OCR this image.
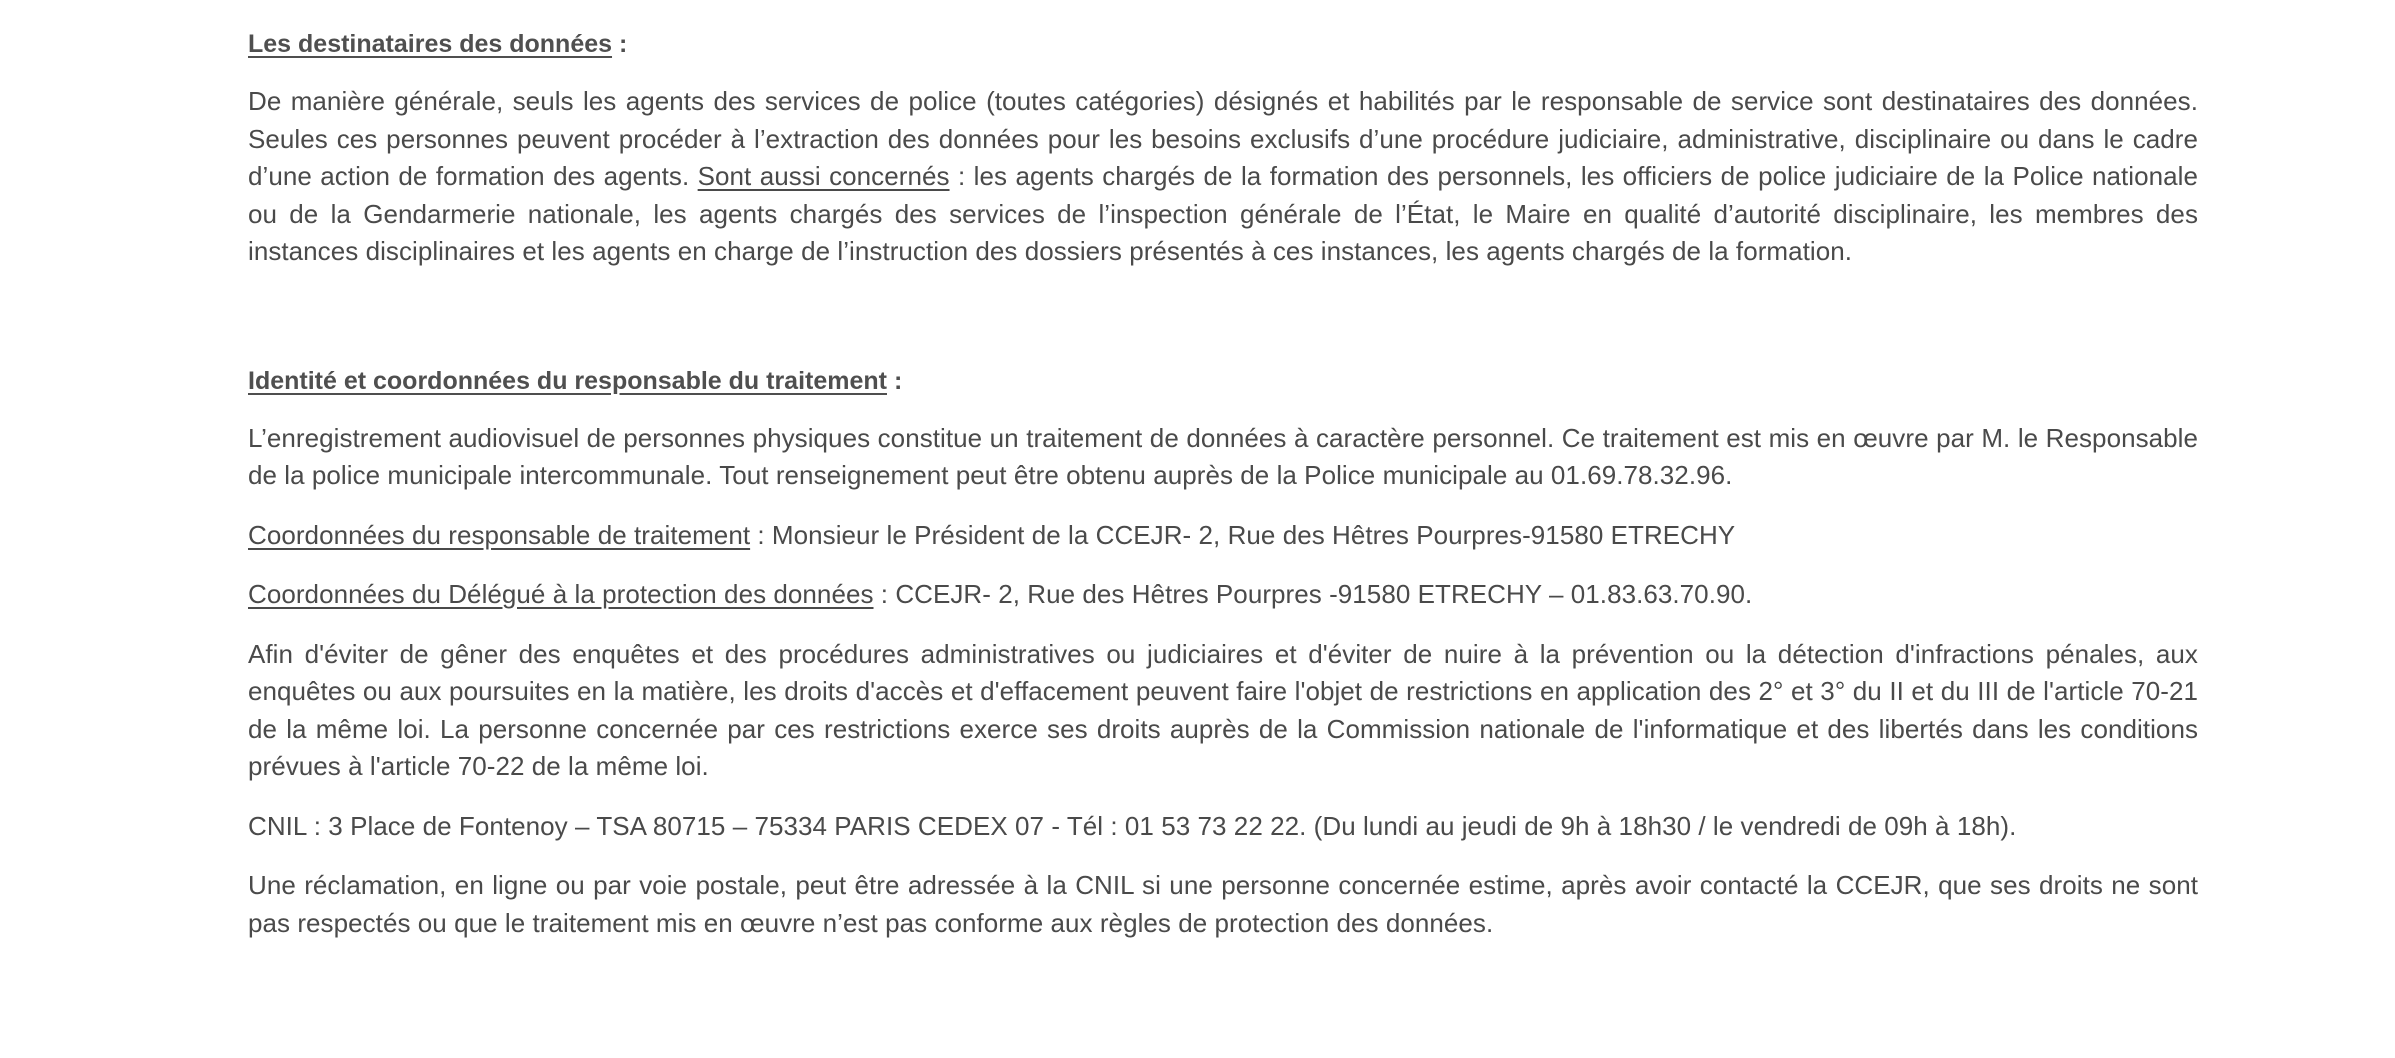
Les destinataires des données :

De manière générale, seuls les agents des services de police (toutes catégories) désignés et habilités par le responsable de service sont destinataires des données. Seules ces personnes peuvent procéder à l’extraction des données pour les besoins exclusifs d’une procédure judiciaire, administrative, disciplinaire ou dans le cadre d’une action de formation des agents. Sont aussi concernés : les agents chargés de la formation des personnels, les officiers de police judiciaire de la Police nationale ou de la Gendarmerie nationale, les agents chargés des services de l’inspection générale de l’État, le Maire en qualité d’autorité disciplinaire, les membres des instances disciplinaires et les agents en charge de l’instruction des dossiers présentés à ces instances, les agents chargés de la formation.

Identité et coordonnées du responsable du traitement :

L’enregistrement audiovisuel de personnes physiques constitue un traitement de données à caractère personnel. Ce traitement est mis en œuvre par M. le Responsable de la police municipale intercommunale. Tout renseignement peut être obtenu auprès de la Police municipale au 01.69.78.32.96.

Coordonnées du responsable de traitement : Monsieur le Président de la CCEJR- 2, Rue des Hêtres Pourpres-91580 ETRECHY

Coordonnées du Délégué à la protection des données : CCEJR- 2, Rue des Hêtres Pourpres -91580 ETRECHY – 01.83.63.70.90.

Afin d'éviter de gêner des enquêtes et des procédures administratives ou judiciaires et d'éviter de nuire à la prévention ou la détection d'infractions pénales, aux enquêtes ou aux poursuites en la matière, les droits d'accès et d'effacement peuvent faire l'objet de restrictions en application des 2° et 3° du II et du III de l'article 70-21 de la même loi. La personne concernée par ces restrictions exerce ses droits auprès de la Commission nationale de l'informatique et des libertés dans les conditions prévues à l'article 70-22 de la même loi.

CNIL : 3 Place de Fontenoy – TSA 80715 – 75334 PARIS CEDEX 07 - Tél : 01 53 73 22 22. (Du lundi au jeudi de 9h à 18h30 / le vendredi de 09h à 18h).

Une réclamation, en ligne ou par voie postale, peut être adressée à la CNIL si une personne concernée estime, après avoir contacté la CCEJR, que ses droits ne sont pas respectés ou que le traitement mis en œuvre n’est pas conforme aux règles de protection des données.
